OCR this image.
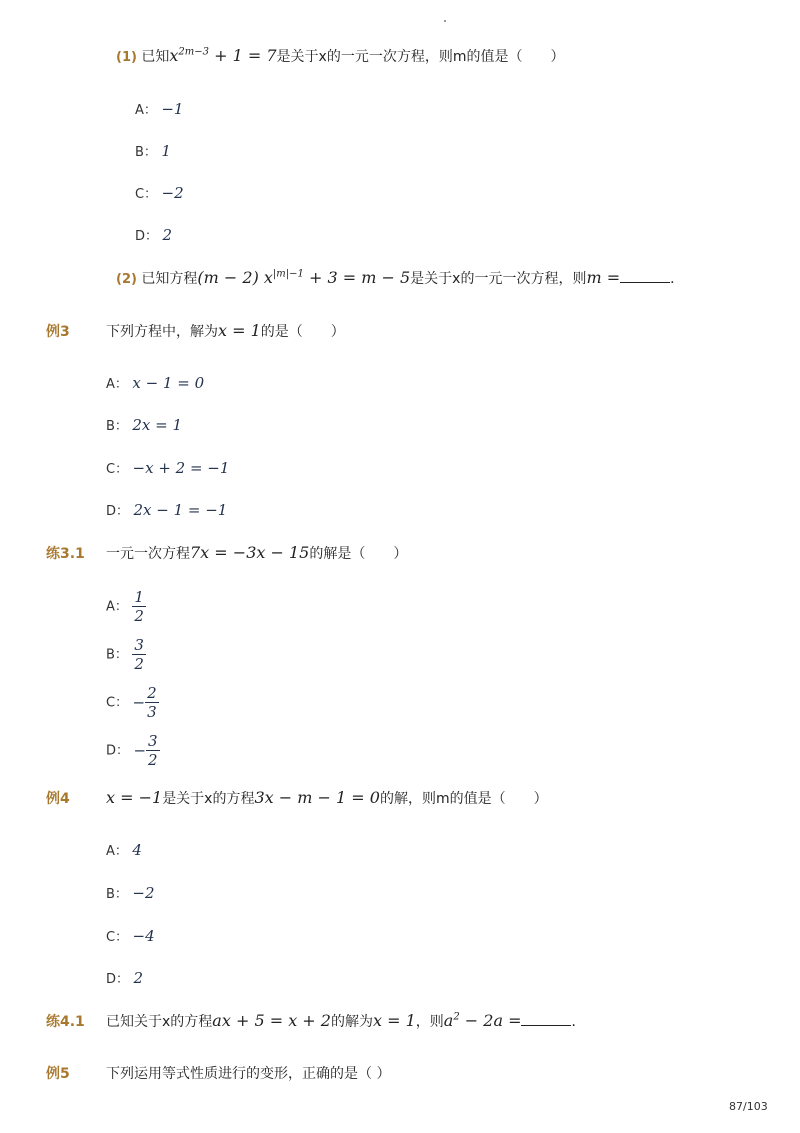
(1) 已知$x^{2m-3} + 1 = 7$是关于x的一元一次方程，则m的值是（　　）
A： −1
B： 1
C： −2
D： 2
(2) 已知方程(m − 2) $x^{|m|-1} + 3 = m - 5$是关于x的一元一次方程，则m =	．
例3	下列方程中，解为x = 1的是（　　）
A： x − 1 = 0
B： 2x = 1
C： −x + 2 = −1
D： 2x − 1 = −1
练3.1 一元一次方程7x = −3x − 15的解是（　　）
A： $\frac{1}{2}$
B： $\frac{3}{2}$
C： − $\frac{2}{3}$
D： − $\frac{3}{2}$
例4 x = −1是关于x的方程3x − m − 1 = 0的解，则m的值是（　　）
A： 4
B： −2
C： −4
D： 2
练4.1 已知关于x的方程ax + 5 = x + 2的解为x = 1，则$a^2 - 2a$ =	．
例5	下列运用等式性质进行的变形，正确的是（ ）
87/103
